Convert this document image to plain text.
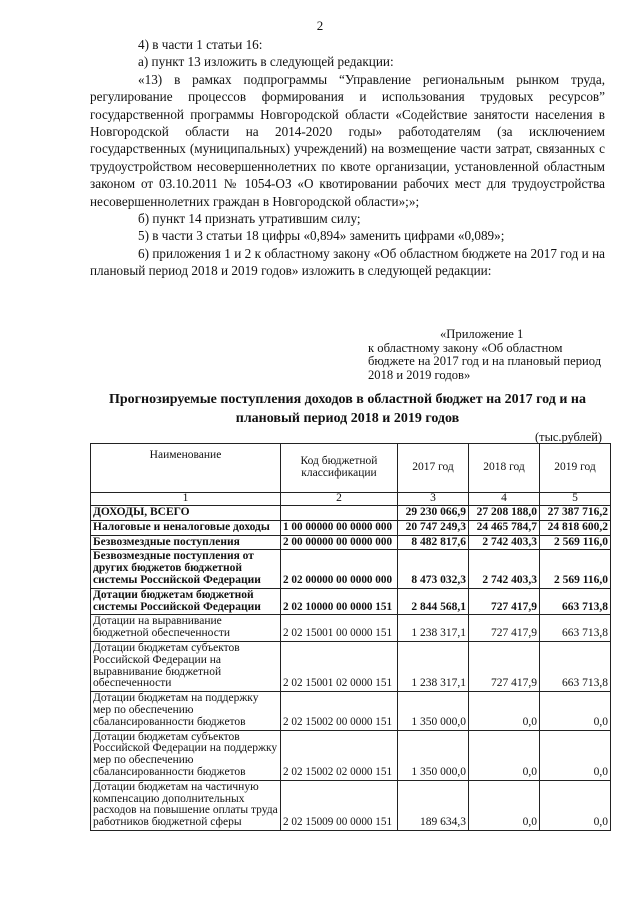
2

4) в части 1 статьи 16:

а) пункт 13 изложить в следующей редакции:

«13) в рамках подпрограммы “Управление региональным рынком труда, регулирование процессов формирования и использования трудовых ресурсов” государственной программы Новгородской области «Содействие занятости населения в Новгородской области на 2014-2020 годы» работодателям (за исключением государственных (муниципальных) учреждений) на возмещение части затрат, связанных с трудоустройством несовершеннолетних по квоте организации, установленной областным законом от 03.10.2011 № 1054-ОЗ «О квотировании рабочих мест для трудоустройства несовершеннолетних граждан в Новгородской области»;»;

б) пункт 14 признать утратившим силу;

5) в части 3 статьи 18 цифры «0,894» заменить цифрами «0,089»;

6) приложения 1 и 2 к областному закону «Об областном бюджете на 2017 год и на плановый период 2018 и 2019 годов» изложить в следующей редакции:

«Приложение 1
к областному закону «Об областном бюджете на 2017 год и на плановый период 2018 и 2019 годов»
Прогнозируемые поступления доходов в областной бюджет на 2017 год и на плановый период 2018 и 2019 годов
(тыс.рублей)
Наименование	Код бюджетной классификации	2017 год	2018 год	2019 год
1	2	3	4	5
ДОХОДЫ, ВСЕГО		29 230 066,9	27 208 188,0	27 387 716,2
Налоговые и неналоговые доходы	1 00 00000 00 0000 000	20 747 249,3	24 465 784,7	24 818 600,2
Безвозмездные поступления	2 00 00000 00 0000 000	8 482 817,6	2 742 403,3	2 569 116,0
Безвозмездные поступления от других бюджетов бюджетной системы Российской Федерации	2 02 00000 00 0000 000	8 473 032,3	2 742 403,3	2 569 116,0
Дотации бюджетам бюджетной системы Российской Федерации	2 02 10000 00 0000 151	2 844 568,1	727 417,9	663 713,8
Дотации на выравнивание бюджетной обеспеченности	2 02 15001 00 0000 151	1 238 317,1	727 417,9	663 713,8
Дотации бюджетам субъектов Российской Федерации на выравнивание бюджетной обеспеченности	2 02 15001 02 0000 151	1 238 317,1	727 417,9	663 713,8
Дотации бюджетам на поддержку мер по обеспечению сбалансированности бюджетов	2 02 15002 00 0000 151	1 350 000,0	0,0	0,0
Дотации бюджетам субъектов Российской Федерации на поддержку мер по обеспечению сбалансированности бюджетов	2 02 15002 02 0000 151	1 350 000,0	0,0	0,0
Дотации бюджетам на частичную компенсацию дополнительных расходов на повышение оплаты труда работников бюджетной сферы	2 02 15009 00 0000 151	189 634,3	0,0	0,0
